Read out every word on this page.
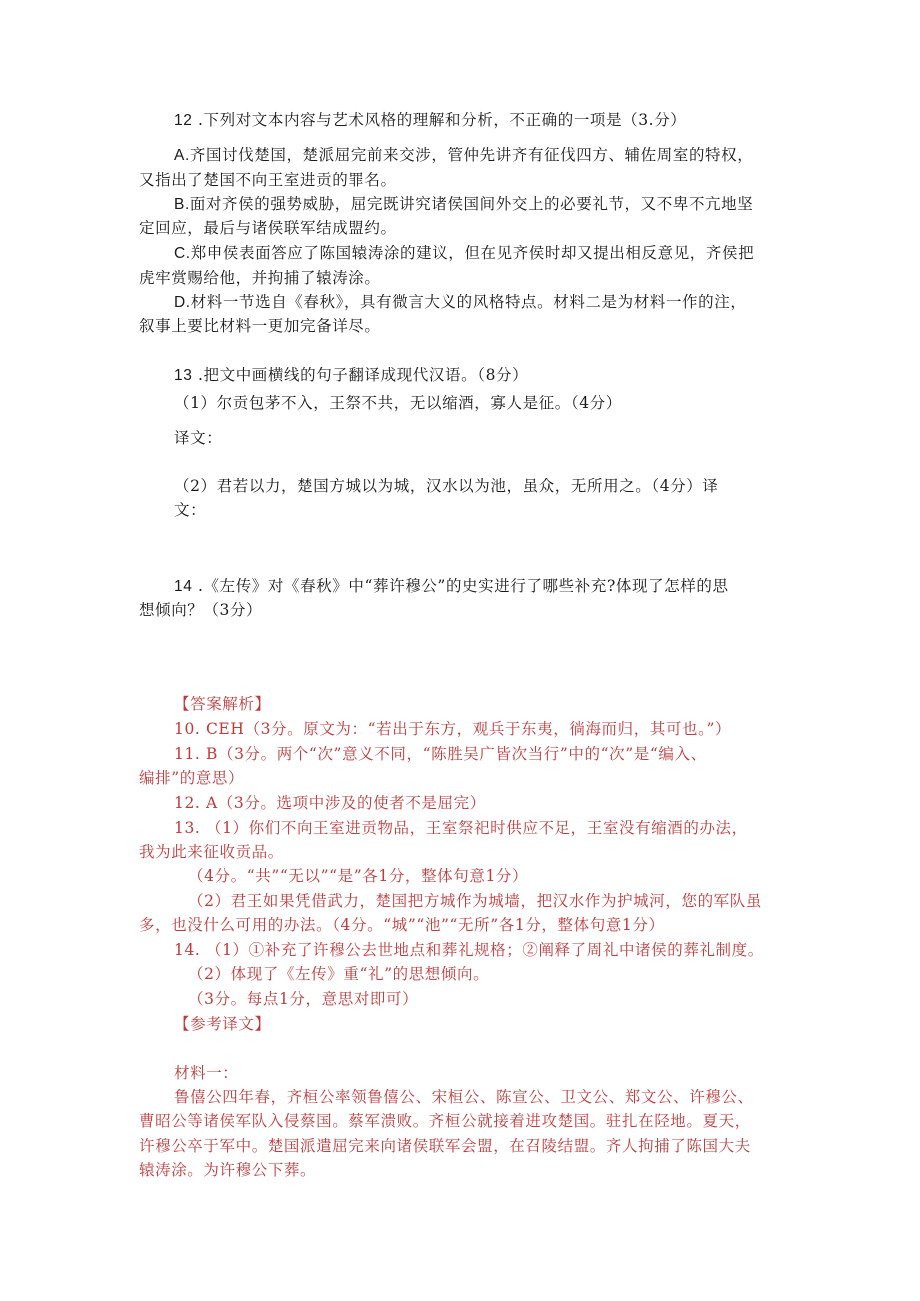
12 .下列对文本内容与艺术风格的理解和分析，不正确的一项是（3.分）
A.齐国讨伐楚国，楚派屈完前来交涉，管仲先讲齐有征伐四方、辅佐周室的特权，
又指出了楚国不向王室进贡的罪名。
B.面对齐侯的强势威胁，屈完既讲究诸侯国间外交上的必要礼节，又不卑不亢地坚
定回应，最后与诸侯联军结成盟约。
C.郑申侯表面答应了陈国辕涛涂的建议，但在见齐侯时却又提出相反意见，齐侯把
虎牢赏赐给他，并拘捕了辕涛涂。
D.材料一节选自《春秋》，具有微言大义的风格特点。材料二是为材料一作的注，
叙事上要比材料一更加完备详尽。
13 .把文中画横线的句子翻译成现代汉语。（8分）
（1）尔贡包茅不入，王祭不共，无以缩酒，寡人是征。（4分）
译文：
（2）君若以力，楚国方城以为城，汉水以为池，虽众，无所用之。（4分）译
文：
14 .《左传》对《春秋》中“葬许穆公”的史实进行了哪些补充?体现了怎样的思
想倾向？（3分）
【答案解析】
10. CEH（3分。原文为：“若出于东方，观兵于东夷，徜海而归，其可也。”）
11. B（3分。两个“次”意义不同，“陈胜吴广皆次当行”中的“次”是“编入、
编排”的意思）
12. A（3分。选项中涉及的使者不是屈完）
13. （1）你们不向王室进贡物品，王室祭祀时供应不足，王室没有缩酒的办法，
我为此来征收贡品。
（4分。“共”“无以”“是”各1分，整体句意1分）
（2）君王如果凭借武力，楚国把方城作为城墙，把汉水作为护城河，您的军队虽
多，也没什么可用的办法。（4分。“城”“池”“无所”各1分，整体句意1分）
14. （1）①补充了许穆公去世地点和葬礼规格；②阐释了周礼中诸侯的葬礼制度。
（2）体现了《左传》重“礼”的思想倾向。
（3分。每点1分，意思对即可）
【参考译文】
材料一：
鲁僖公四年春，齐桓公率领鲁僖公、宋桓公、陈宣公、卫文公、郑文公、许穆公、
曹昭公等诸侯军队入侵蔡国。蔡军溃败。齐桓公就接着进攻楚国。驻扎在陉地。夏天，
许穆公卒于军中。楚国派遣屈完来向诸侯联军会盟，在召陵结盟。齐人拘捕了陈国大夫
辕涛涂。为许穆公下葬。
